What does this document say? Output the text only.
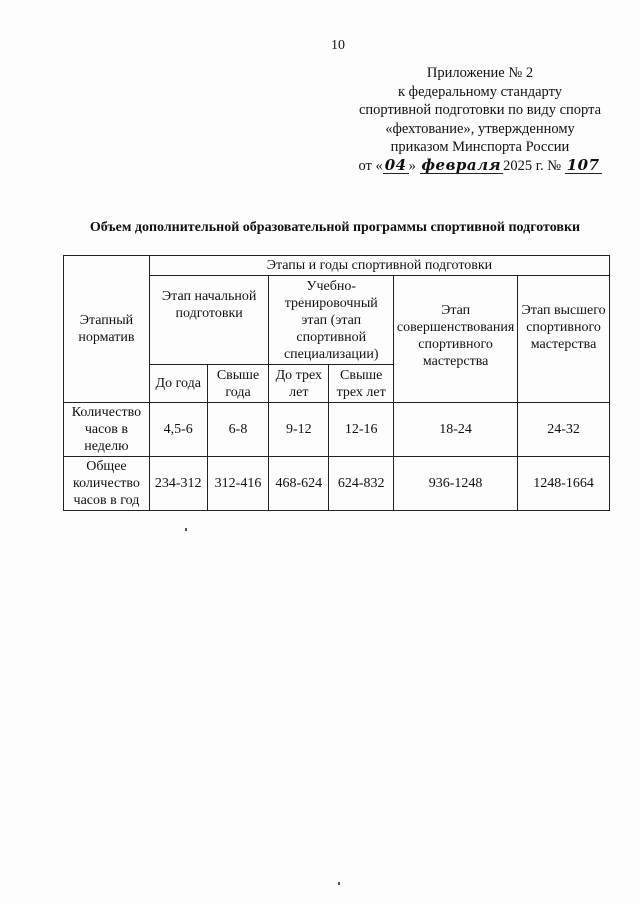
10
Приложение № 2
к федеральному стандарту
спортивной подготовки по виду спорта
«фехтование», утвержденному
приказом Минспорта России
от « 04 » февраля 2025 г. № 107
Объем дополнительной образовательной программы спортивной подготовки
Этапный норматив	Этапы и годы спортивной подготовки					
	Этап начальной подготовки		Учебно-тренировочный этап (этап спортивной специализации)		Этап совершенствования спортивного мастерства	Этап высшего спортивного мастерства
	До года	Свыше года	До трех лет	Свыше трех лет		
Количество часов в неделю	4,5-6	6-8	9-12	12-16	18-24	24-32
Общее количество часов в год	234-312	312-416	468-624	624-832	936-1248	1248-1664
